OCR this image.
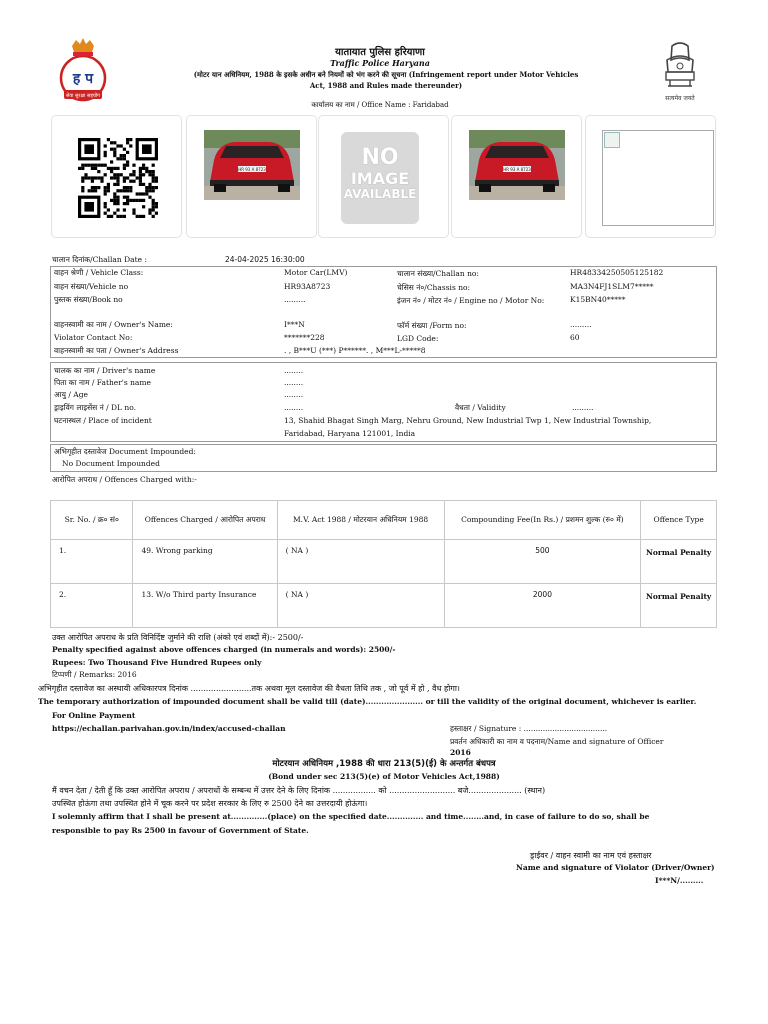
ह प
सेवा सुरक्षा सहयोग	सत्यमेव जयते
यातायात पुलिस हरियाणा
Traffic Police Haryana
(मोटर यान अधिनियम, 1988 के इसके अधीन बने नियमों को भंग करने की सूचना (Infringement report under Motor Vehicles Act, 1988 and Rules made thereunder)
कार्यालय का नाम / Office Name : Faridabad
HR 93 A 8723	NO
IMAGE
AVAILABLE
HR 93 A 8723
चालान दिनांक/Challan Date :	24-04-2025 16:30:00
वाहन श्रेणी / Vehicle Class:	Motor Car(LMV)	चालान संख्या/Challan no:	HR48334250505125182
वाहन संख्या/Vehicle no	HR93A8723	चेसिस नं०/Chassis no:	MA3N4FJ1SLM7*****
पुस्तक संख्या/Book no	.........	इंजन नं० / मोटर नं० / Engine no / Motor No:	K15BN40*****
वाहनस्वामी का नाम / Owner's Name:	I***N	फॉर्म संख्या /Form no:	.........
Violator Contact No:	*******228	LGD Code:	60
वाहनस्वामी का पता / Owner's Address	. , B***U (***) P******. , M***L-*****8
चालक का नाम / Driver's name	........
पिता का नाम / Father's name	........
आयु / Age	........
ड्राइविंग लाइसेंस नं / DL no.	........	वैधता / Validity	.........
घटनास्थल / Place of incident	13, Shahid Bhagat Singh Marg, Nehru Ground, New Industrial Twp 1, New Industrial Township,
Faridabad, Haryana 121001, India
अभिगृहीत दस्तावेज Document Impounded:
No Document Impounded
आरोपित अपराध / Offences Charged with:-
Sr. No. / क्र० सं०	Offences Charged / आरोपित अपराध	M.V. Act 1988 / मोटरयान अधिनियम 1988	Compounding Fee(In Rs.) / प्रशमन शुल्क (रु० में)	Offence Type
1.	49. Wrong parking	( NA )	500	Normal Penalty
2.	13. W/o Third party Insurance	( NA )	2000	Normal Penalty
उक्त आरोपित अपराध के प्रति विनिर्दिष्ट जुर्माने की राशि (अंको एवं शब्दों में):- 2500/-
Penalty specified against above offences charged (in numerals and words): 2500/-
Rupees: Two Thousand Five Hundred Rupees only
टिप्पणी / Remarks: 2016
अभिगृहीत दस्तावेज का अस्थायी अधिकारपत्र दिनांक ........................तक अथवा मूल दस्तावेज की वैधता तिथि तक , जो पूर्व में हो , वैध होगा।
The temporary authorization of impounded document shall be valid till (date)...................... or till the validity of the original document, whichever is earlier.
For Online Payment
https://echallan.parivahan.gov.in/index/accused-challan	हस्ताक्षर / Signature : ...................................
प्रवर्तन अधिकारी का नाम व पदनाम/Name and signature of Officer
2016
मोटरयान अधिनियम ,1988 की धारा 213(5)(ई) के अन्तर्गत बंधपत्र
(Bond under sec 213(5)(e) of Motor Vehicles Act,1988)
मैं वचन देता / देती हूँ कि उक्त आरोपित अपराध / अपराधों के सम्बन्ध में उत्तर देने के लिए दिनांक ................. को .......................... बजे..................... (स्थान)
उपस्थित होऊंगा तथा उपस्थित होने में चूक करने पर प्रदेश सरकार के लिए रु 2500 देने का उत्तरदायी होऊंगा।
I solemnly affirm that I shall be present at..............(place) on the specified date.............. and time........and, in case of failure to do so, shall be
responsible to pay Rs 2500 in favour of Government of State.
ड्राईवर / वाहन स्वामी का नाम एवं हस्ताक्षर
Name and signature of Violator (Driver/Owner)
I***N/.........
